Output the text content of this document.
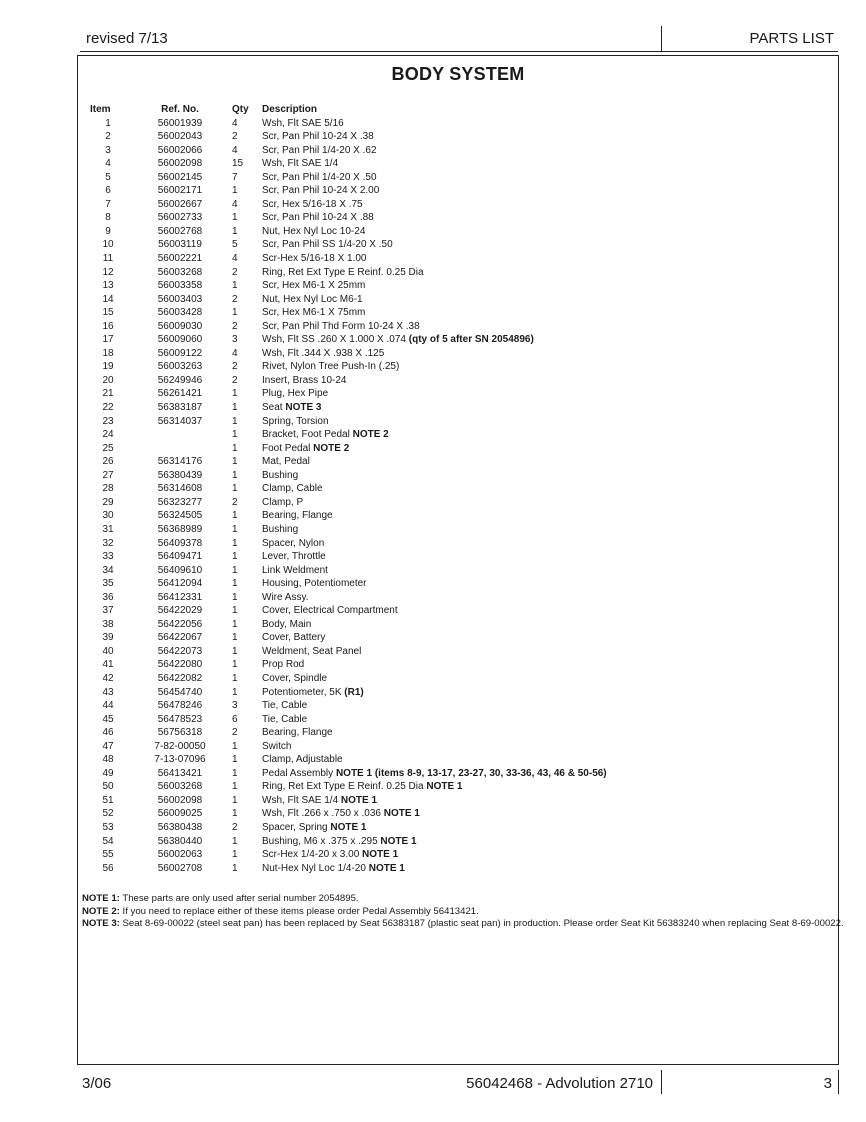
revised 7/13	PARTS LIST
BODY SYSTEM
Item	Ref. No.	Qty	Description
1	56001939	4	Wsh, Flt SAE 5/16
2	56002043	2	Scr, Pan Phil 10-24 X .38
3	56002066	4	Scr, Pan Phil 1/4-20 X .62
4	56002098	15	Wsh, Flt SAE 1/4
5	56002145	7	Scr, Pan Phil 1/4-20 X .50
6	56002171	1	Scr, Pan Phil 10-24 X 2.00
7	56002667	4	Scr, Hex 5/16-18 X .75
8	56002733	1	Scr, Pan Phil 10-24 X .88
9	56002768	1	Nut, Hex Nyl Loc 10-24
10	56003119	5	Scr, Pan Phil SS 1/4-20 X .50
11	56002221	4	Scr-Hex 5/16-18 X 1.00
12	56003268	2	Ring, Ret Ext Type E Reinf. 0.25 Dia
13	56003358	1	Scr, Hex M6-1 X 25mm
14	56003403	2	Nut, Hex Nyl Loc M6-1
15	56003428	1	Scr, Hex M6-1 X 75mm
16	56009030	2	Scr, Pan Phil Thd Form 10-24 X .38
17	56009060	3	Wsh, Flt SS .260 X 1.000 X .074 (qty of 5 after SN 2054896)
18	56009122	4	Wsh, Flt .344 X .938 X .125
19	56003263	2	Rivet, Nylon Tree Push-In (.25)
20	56249946	2	Insert, Brass 10-24
21	56261421	1	Plug, Hex Pipe
22	56383187	1	Seat NOTE 3
23	56314037	1	Spring, Torsion
24		1	Bracket, Foot Pedal NOTE 2
25		1	Foot Pedal NOTE 2
26	56314176	1	Mat, Pedal
27	56380439	1	Bushing
28	56314608	1	Clamp, Cable
29	56323277	2	Clamp, P
30	56324505	1	Bearing, Flange
31	56368989	1	Bushing
32	56409378	1	Spacer, Nylon
33	56409471	1	Lever, Throttle
34	56409610	1	Link Weldment
35	56412094	1	Housing, Potentiometer
36	56412331	1	Wire Assy.
37	56422029	1	Cover, Electrical Compartment
38	56422056	1	Body, Main
39	56422067	1	Cover, Battery
40	56422073	1	Weldment, Seat Panel
41	56422080	1	Prop Rod
42	56422082	1	Cover, Spindle
43	56454740	1	Potentiometer, 5K (R1)
44	56478246	3	Tie, Cable
45	56478523	6	Tie, Cable
46	56756318	2	Bearing, Flange
47	7-82-00050	1	Switch
48	7-13-07096	1	Clamp, Adjustable
49	56413421	1	Pedal Assembly NOTE 1 (items 8-9, 13-17, 23-27, 30, 33-36, 43, 46 & 50-56)
50	56003268	1	Ring, Ret Ext Type E Reinf. 0.25 Dia NOTE 1
51	56002098	1	Wsh, Flt SAE 1/4 NOTE 1
52	56009025	1	Wsh, Flt .266 x .750 x .036 NOTE 1
53	56380438	2	Spacer, Spring NOTE 1
54	56380440	1	Bushing, M6 x .375 x .295 NOTE 1
55	56002063	1	Scr-Hex 1/4-20 x 3.00 NOTE 1
56	56002708	1	Nut-Hex Nyl Loc 1/4-20 NOTE 1
NOTE 1: These parts are only used after serial number 2054895.
NOTE 2: If you need to replace either of these items please order Pedal Assembly 56413421.
NOTE 3: Seat 8-69-00022 (steel seat pan) has been replaced by Seat 56383187 (plastic seat pan) in production. Please order Seat Kit 56383240 when replacing Seat 8-69-00022.
3/06	56042468 - Advolution 2710	3
